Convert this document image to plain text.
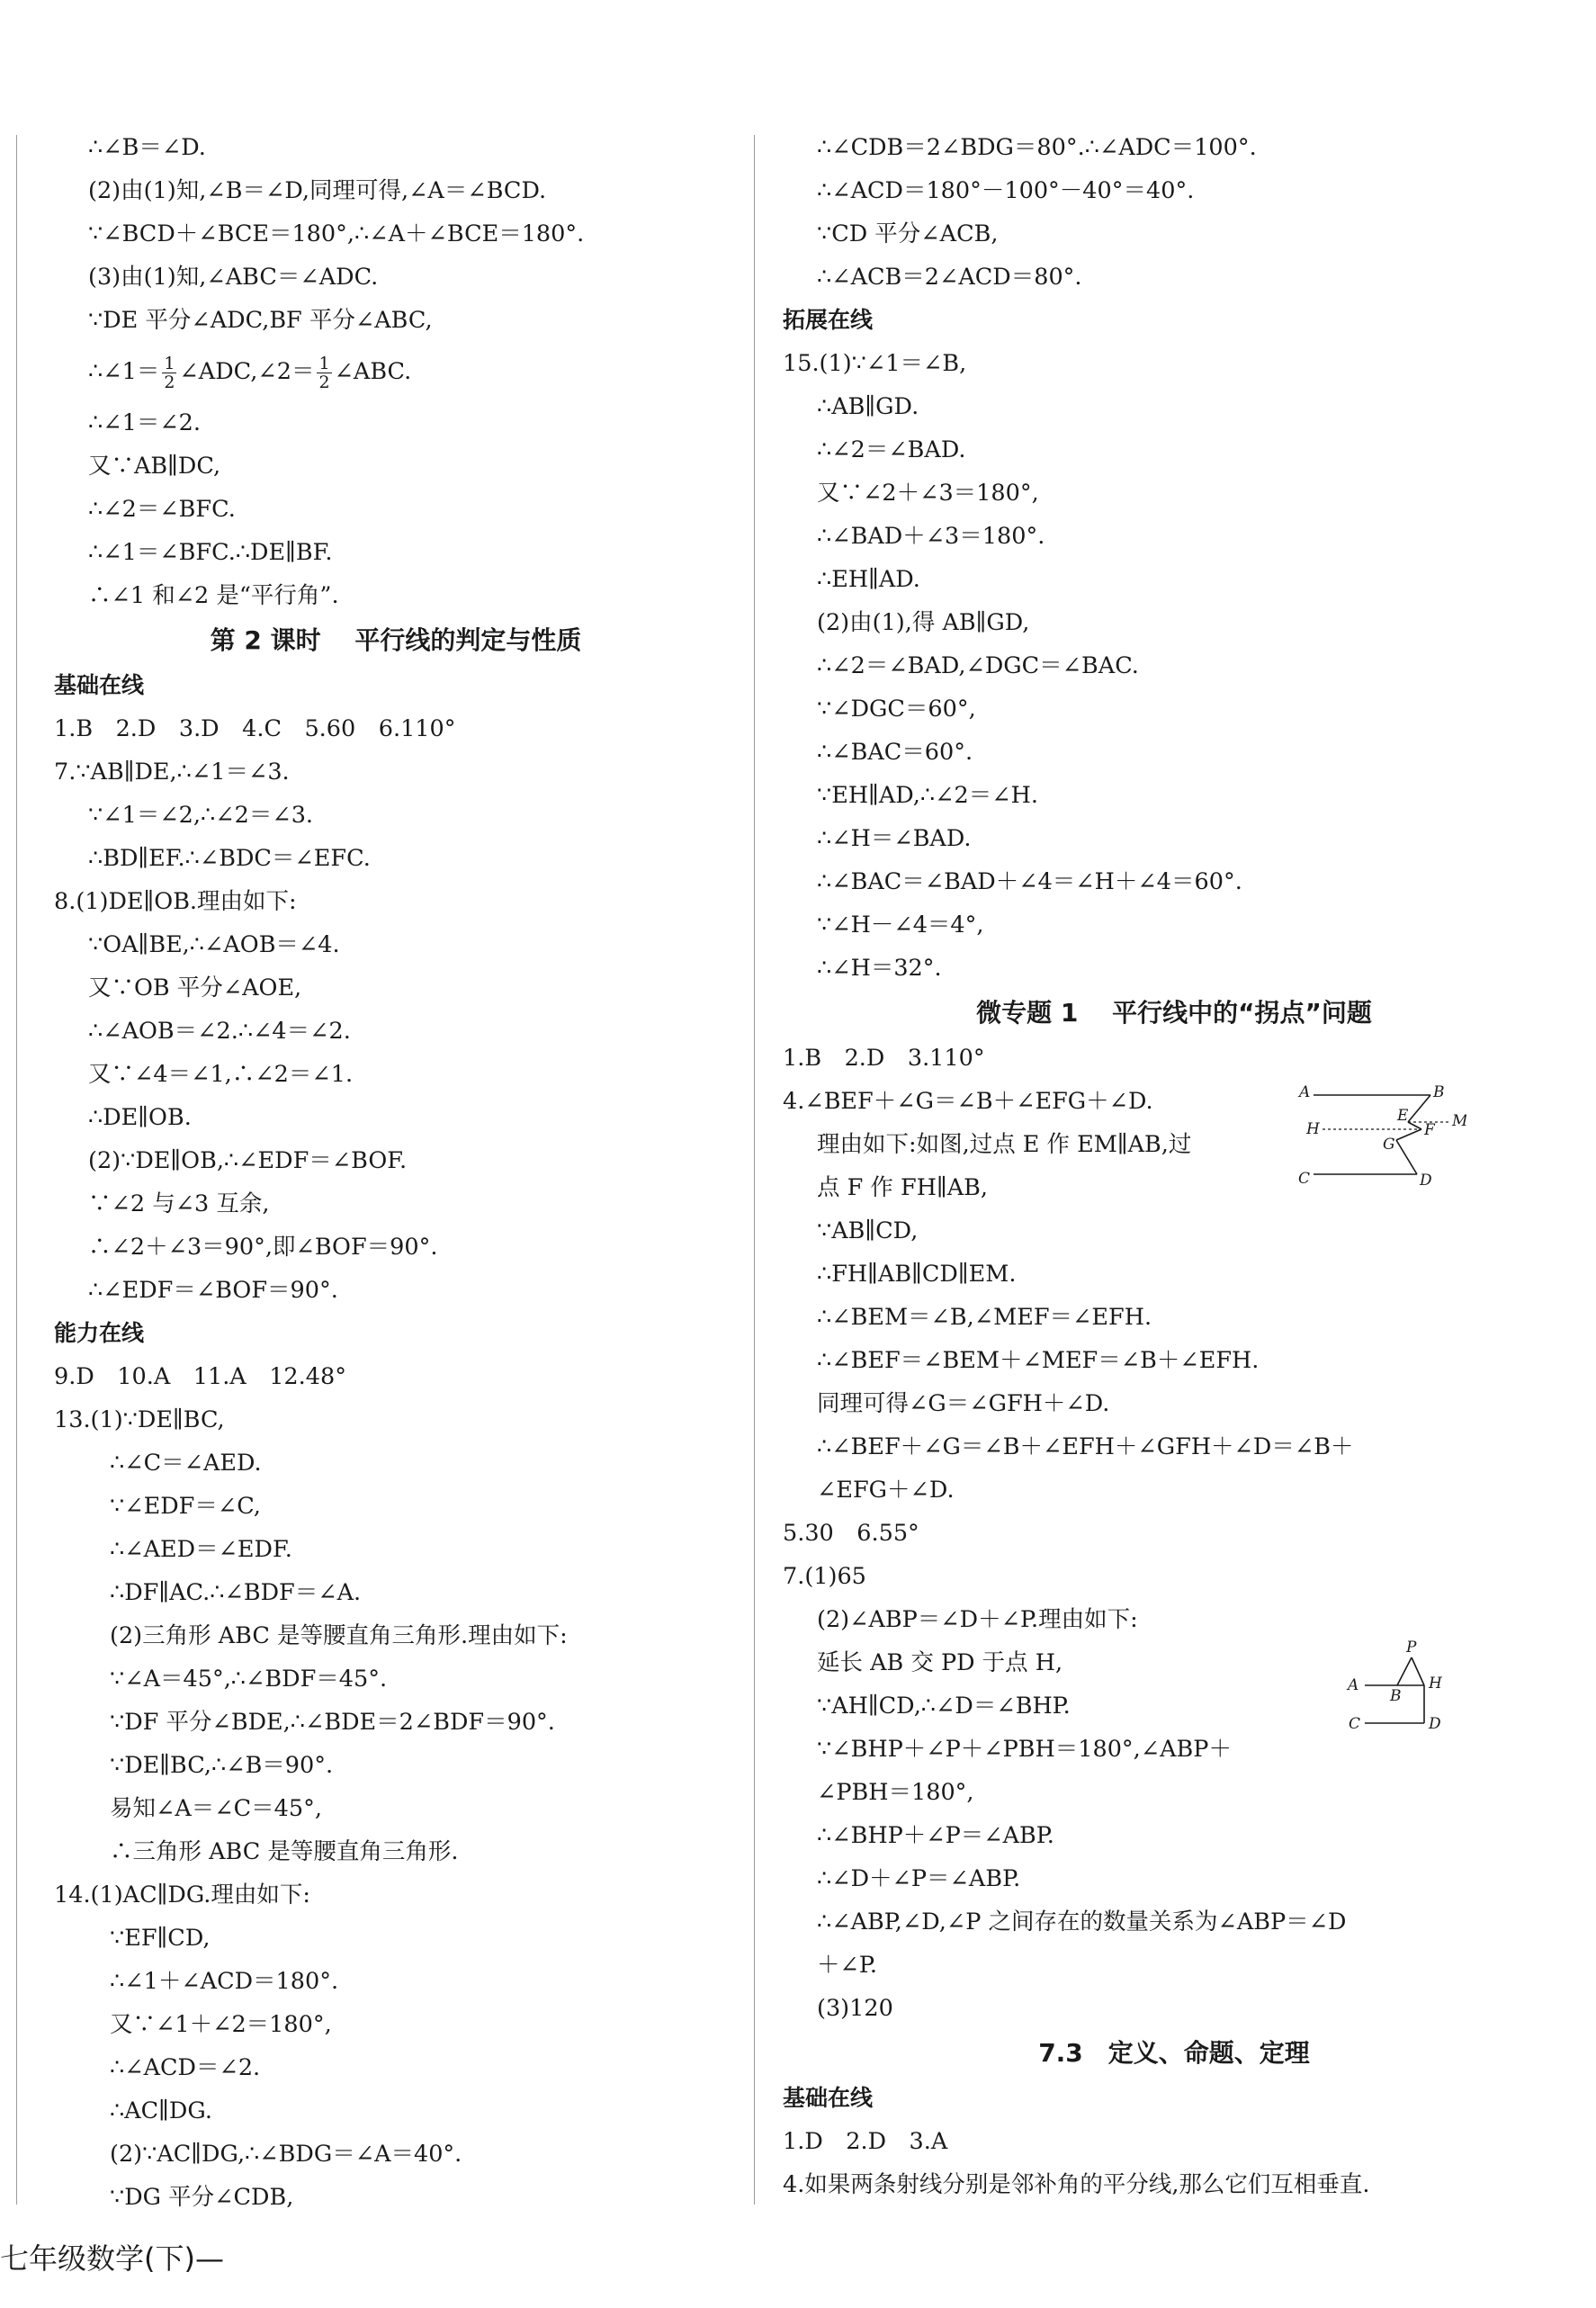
∴∠B＝∠D.
(2)由(1)知,∠B＝∠D,同理可得,∠A＝∠BCD.
∵∠BCD＋∠BCE＝180°,∴∠A＋∠BCE＝180°.
(3)由(1)知,∠ABC＝∠ADC.
∵DE 平分∠ADC,BF 平分∠ABC,
∴∠1＝ $\frac{1}{2}$ ∠ADC,∠2＝ $\frac{1}{2}$ ∠ABC.
∴∠1＝∠2.
又∵AB∥DC,
∴∠2＝∠BFC.
∴∠1＝∠BFC.∴DE∥BF.
∴∠1 和∠2 是“平行角”.
第 2 课时　 平行线的判定与性质
基础在线
1.B　2.D　3.D　4.C　5.60　6.110°
7.∵AB∥DE,∴∠1＝∠3.
∵∠1＝∠2,∴∠2＝∠3.
∴BD∥EF.∴∠BDC＝∠EFC.
8.(1)DE∥OB.理由如下:
∵OA∥BE,∴∠AOB＝∠4.
又∵OB 平分∠AOE,
∴∠AOB＝∠2.∴∠4＝∠2.
又∵∠4＝∠1,∴∠2＝∠1.
∴DE∥OB.
(2)∵DE∥OB,∴∠EDF＝∠BOF.
∵∠2 与∠3 互余,
∴∠2＋∠3＝90°,即∠BOF＝90°.
∴∠EDF＝∠BOF＝90°.
能力在线
9.D　10.A　11.A　12.48°
13.(1)∵DE∥BC,
∴∠C＝∠AED.
∵∠EDF＝∠C,
∴∠AED＝∠EDF.
∴DF∥AC.∴∠BDF＝∠A.
(2)三角形 ABC 是等腰直角三角形.理由如下:
∵∠A＝45°,∴∠BDF＝45°.
∵DF 平分∠BDE,∴∠BDE＝2∠BDF＝90°.
∵DE∥BC,∴∠B＝90°.
易知∠A＝∠C＝45°,
∴三角形 ABC 是等腰直角三角形.
14.(1)AC∥DG.理由如下:
∵EF∥CD,
∴∠1＋∠ACD＝180°.
又∵∠1＋∠2＝180°,
∴∠ACD＝∠2.
∴AC∥DG.
(2)∵AC∥DG,∴∠BDG＝∠A＝40°.
∵DG 平分∠CDB,
∴∠CDB＝2∠BDG＝80°.∴∠ADC＝100°.
∴∠ACD＝180°－100°－40°＝40°.
∵CD 平分∠ACB,
∴∠ACB＝2∠ACD＝80°.
拓展在线
15.(1)∵∠1＝∠B,
∴AB∥GD.
∴∠2＝∠BAD.
又∵∠2＋∠3＝180°,
∴∠BAD＋∠3＝180°.
∴EH∥AD.
(2)由(1),得 AB∥GD,
∴∠2＝∠BAD,∠DGC＝∠BAC.
∵∠DGC＝60°,
∴∠BAC＝60°.
∵EH∥AD,∴∠2＝∠H.
∴∠H＝∠BAD.
∴∠BAC＝∠BAD＋∠4＝∠H＋∠4＝60°.
∵∠H－∠4＝4°,
∴∠H＝32°.
微专题 1　 平行线中的“拐点”问题
1.B　2.D　3.110°
4.∠BEF＋∠G＝∠B＋∠EFG＋∠D.
理由如下:如图,过点 E 作 EM∥AB,过
点 F 作 FH∥AB,
∵AB∥CD,
∴FH∥AB∥CD∥EM.
∴∠BEM＝∠B,∠MEF＝∠EFH.
∴∠BEF＝∠BEM＋∠MEF＝∠B＋∠EFH.
同理可得∠G＝∠GFH＋∠D.
∴∠BEF＋∠G＝∠B＋∠EFH＋∠GFH＋∠D＝∠B＋
∠EFG＋∠D.
5.30　6.55°
7.(1)65
(2)∠ABP＝∠D＋∠P.理由如下:
延长 AB 交 PD 于点 H,
∵AH∥CD,∴∠D＝∠BHP.
∵∠BHP＋∠P＋∠PBH＝180°,∠ABP＋
∠PBH＝180°,
∴∠BHP＋∠P＝∠ABP.
∴∠D＋∠P＝∠ABP.
∴∠ABP,∠D,∠P 之间存在的数量关系为∠ABP＝∠D
＋∠P.
(3)120
7.3　定义、命题、定理
基础在线
1.D　2.D　3.A
4.如果两条射线分别是邻补角的平分线,那么它们互相垂直.
A	B
H
E	M
F
G
C	D
P
A
B
H
C	D
七年级数学(下)—
